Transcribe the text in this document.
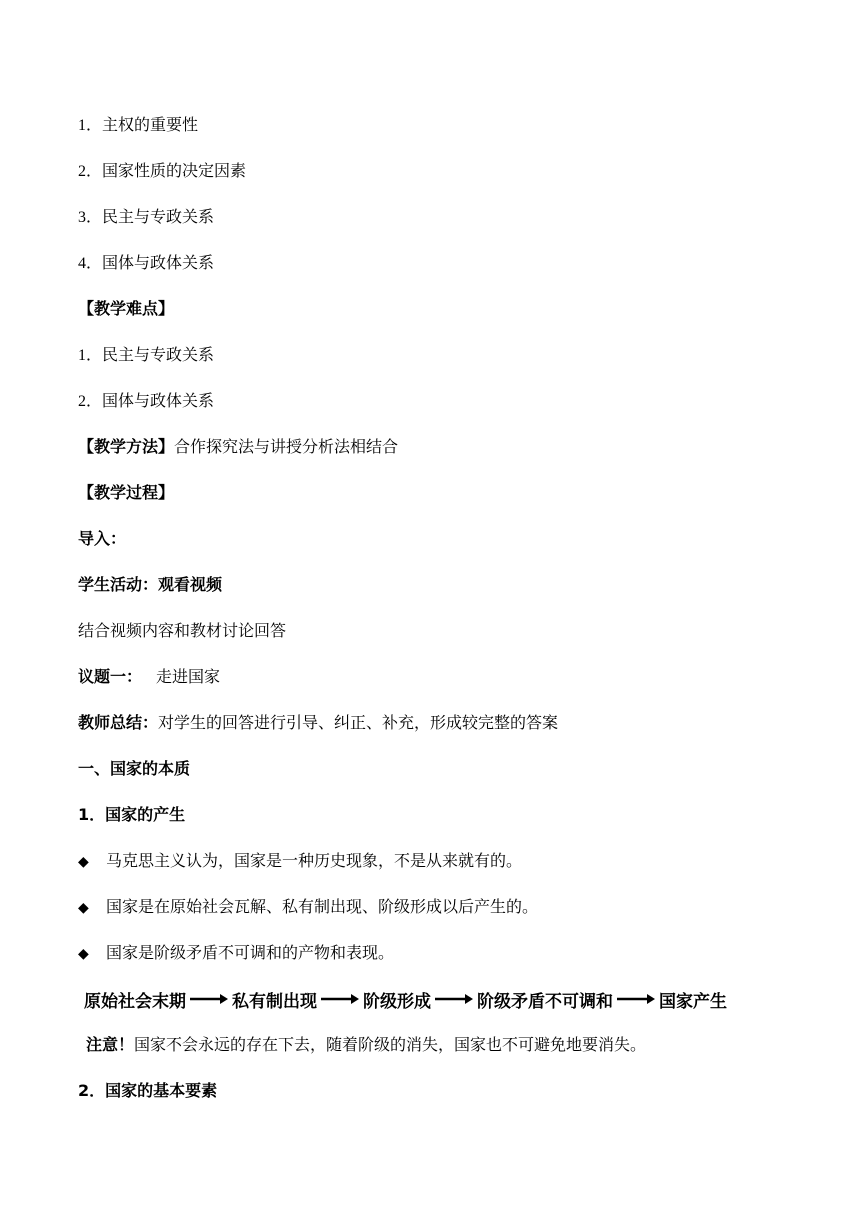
1．主权的重要性
2．国家性质的决定因素
3．民主与专政关系
4．国体与政体关系
【教学难点】
1．民主与专政关系
2．国体与政体关系
【教学方法】合作探究法与讲授分析法相结合
【教学过程】
导入：
学生活动：观看视频
结合视频内容和教材讨论回答
议题一： 走进国家
教师总结：对学生的回答进行引导、纠正、补充，形成较完整的答案
一、国家的本质
1．国家的产生
◆ 马克思主义认为，国家是一种历史现象，不是从来就有的。
◆ 国家是在原始社会瓦解、私有制出现、阶级形成以后产生的。
◆ 国家是阶级矛盾不可调和的产物和表现。
原始社会末期	私有制出现	阶级形成	阶级矛盾不可调和	国家产生
注意！国家不会永远的存在下去，随着阶级的消失，国家也不可避免地要消失。
2．国家的基本要素
